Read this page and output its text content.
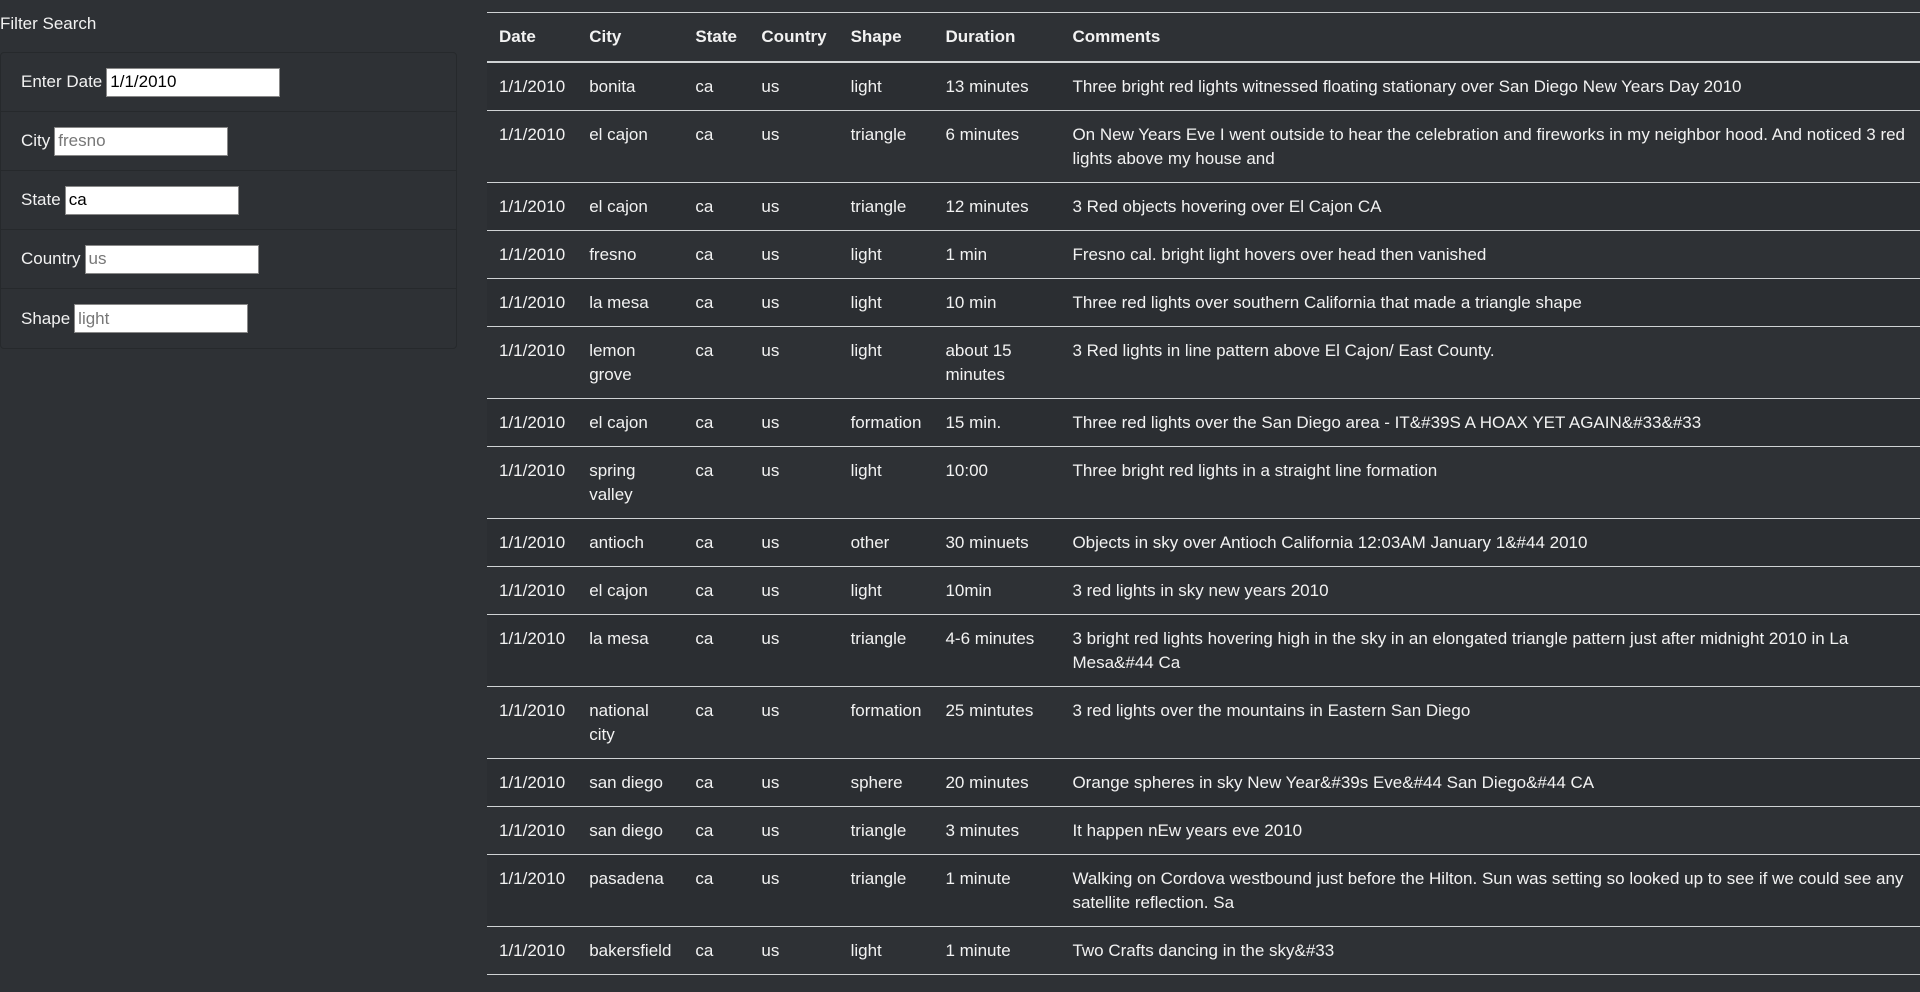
Filter Search
Enter Date
1/1/2010
City
fresno
State
ca
Country
us
Shape
light
Date	City	State	Country	Shape	Duration	Comments
1/1/2010	bonita	ca	us	light	13 minutes	Three bright red lights witnessed floating stationary over San Diego New Years Day 2010
1/1/2010	el cajon	ca	us	triangle	6 minutes	On New Years Eve I went outside to hear the celebration and fireworks in my neighbor hood. And noticed 3 red lights above my house and
1/1/2010	el cajon	ca	us	triangle	12 minutes	3 Red objects hovering over El Cajon CA
1/1/2010	fresno	ca	us	light	1 min	Fresno cal. bright light hovers over head then vanished
1/1/2010	la mesa	ca	us	light	10 min	Three red lights over southern California that made a triangle shape
1/1/2010	lemon grove	ca	us	light	about 15 minutes	3 Red lights in line pattern above El Cajon/ East County.
1/1/2010	el cajon	ca	us	formation	15 min.	Three red lights over the San Diego area - IT&#39S A HOAX YET AGAIN&#33&#33
1/1/2010	spring valley	ca	us	light	10:00	Three bright red lights in a straight line formation
1/1/2010	antioch	ca	us	other	30 minuets	Objects in sky over Antioch California 12:03AM January 1&#44 2010
1/1/2010	el cajon	ca	us	light	10min	3 red lights in sky new years 2010
1/1/2010	la mesa	ca	us	triangle	4-6 minutes	3 bright red lights hovering high in the sky in an elongated triangle pattern just after midnight 2010 in La Mesa&#44 Ca
1/1/2010	national city	ca	us	formation	25 mintutes	3 red lights over the mountains in Eastern San Diego
1/1/2010	san diego	ca	us	sphere	20 minutes	Orange spheres in sky New Year&#39s Eve&#44 San Diego&#44 CA
1/1/2010	san diego	ca	us	triangle	3 minutes	It happen nEw years eve 2010
1/1/2010	pasadena	ca	us	triangle	1 minute	Walking on Cordova westbound just before the Hilton. Sun was setting so looked up to see if we could see any satellite reflection. Sa
1/1/2010	bakersfield	ca	us	light	1 minute	Two Crafts dancing in the sky&#33
